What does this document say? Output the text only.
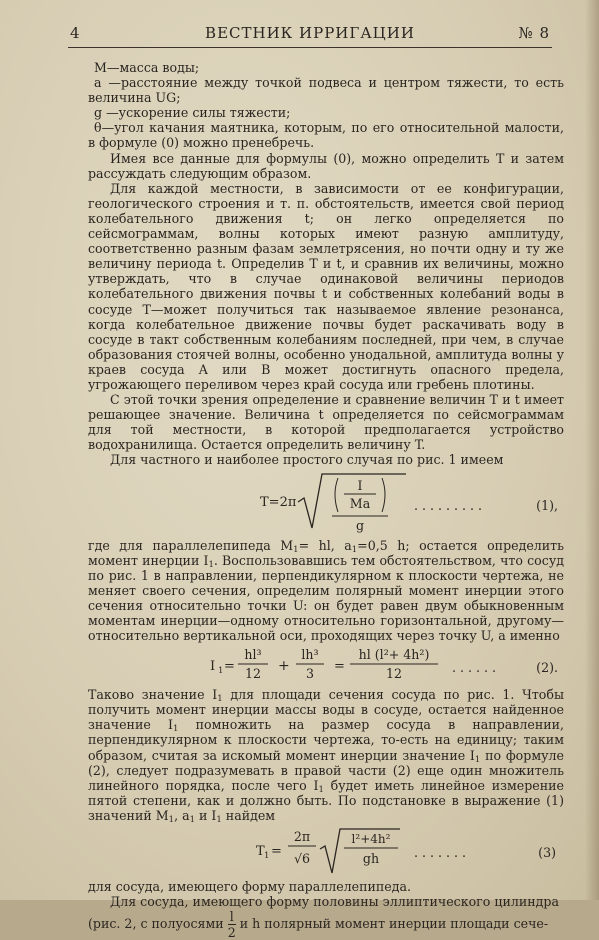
4	ВЕСТНИК ИРРИГАЦИИ	№ 8

M—масса воды;

a —расстояние между точкой подвеса и центром тяжести, то есть величина UG;

g —ускорение силы тяжести;

θ—угол качания маятника, которым, по его относительной малости, в формуле (0) можно пренебречь.

Имея все данные для формулы (0), можно определить T и затем рассуждать следующим образом.

Для каждой местности, в зависимости от ее конфигурации, геологического строения и т. п. обстоятельств, имеется свой период колебательного движения t; он легко определяется по сейсмограммам, волны которых имеют разную амплитуду, соответственно разным фазам землетрясения, но почти одну и ту же величину периода t. Определив T и t, и сравнив их величины, можно утверждать, что в случае одинаковой величины периодов колебательного движения почвы t и собственных колебаний воды в сосуде T—может получиться так называемое явление резонанса, когда колебательное движение почвы будет раскачивать воду в сосуде в такт собственным колебаниям последней, при чем, в случае образования стоячей волны, особенно унодальной, амплитуда волны у краев сосуда A или B может достигнуть опасного предела, угрожающего переливом через край сосуда или гребень плотины.

С этой точки зрения определение и сравнение величин T и t имеет решающее значение. Величина t определяется по сейсмограммам для той местности, в которой предполагается устройство водохранилища. Остается определить величину T.

Для частного и наиболее простого случая по рис. 1 имеем

T=2π
I
Ma
g
. . . . . . . . .	(1),

где для параллелепипеда $M_1=$ hl, $a_1=0,5$ h; остается определить момент инерции $I_1$. Воспользовавшись тем обстоятельством, что сосуд по рис. 1 в направлении, перпендикулярном к плоскости чертежа, не меняет своего сечения, определим полярный момент инерции этого сечения относительно точки U: он будет равен двум обыкновенным моментам инерции—одному относительно горизонтальной, другому—относительно вертикальной оси, проходящих через точку U, а именно

I 1 =
hl³
12 +
lh³
3 =
hl (l²+ 4h²)
12	. . . . . .	(2).

Таково значение $I_1$ для площади сечения сосуда по рис. 1. Чтобы получить момент инерции массы воды в сосуде, остается найденное значение $I_1$ помножить на размер сосуда в направлении, перпендикулярном к плоскости чертежа, то-есть на единицу; таким образом, считая за искомый момент инерции значение $I_1$ по формуле (2), следует подразумевать в правой части (2) еще один множитель линейного порядка, после чего $I_1$ будет иметь линейное измерение пятой степени, как и должно быть. По подстановке в выражение (1) значений $M_1$, $a_1$ и $I_1$ найдем

T 1 =
2π
√6
l²+4h²
gh	. . . . . . .	(3)

для сосуда, имеющего форму параллелепипеда.

Для сосуда, имеющего форму половины эллиптического цилиндра

(рис. 2, с полуосями $\frac{l}{2}$ и h полярный момент инерции площади сече-
